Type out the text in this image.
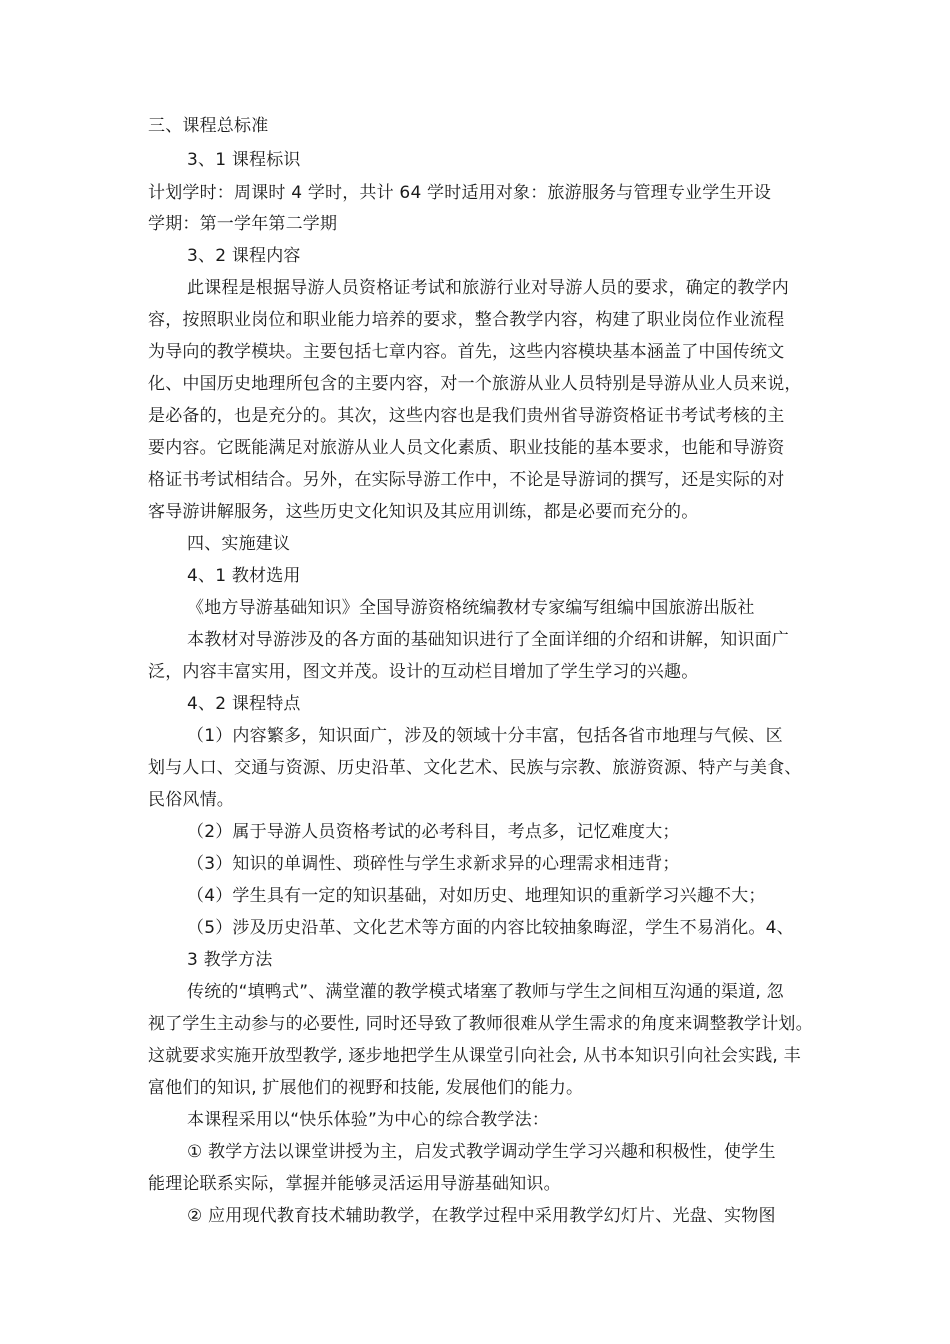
三、课程总标准
3、1 课程标识
计划学时：周课时 4 学时，共计 64 学时适用对象：旅游服务与管理专业学生开设
学期：第一学年第二学期
3、2 课程内容
此课程是根据导游人员资格证考试和旅游行业对导游人员的要求，确定的教学内
容，按照职业岗位和职业能力培养的要求，整合教学内容，构建了职业岗位作业流程
为导向的教学模块。主要包括七章内容。首先，这些内容模块基本涵盖了中国传统文
化、中国历史地理所包含的主要内容，对一个旅游从业人员特别是导游从业人员来说，
是必备的，也是充分的。其次，这些内容也是我们贵州省导游资格证书考试考核的主
要内容。它既能满足对旅游从业人员文化素质、职业技能的基本要求，也能和导游资
格证书考试相结合。另外，在实际导游工作中，不论是导游词的撰写，还是实际的对
客导游讲解服务，这些历史文化知识及其应用训练，都是必要而充分的。
四、实施建议
4、1 教材选用
《地方导游基础知识》全国导游资格统编教材专家编写组编中国旅游出版社
本教材对导游涉及的各方面的基础知识进行了全面详细的介绍和讲解，知识面广
泛，内容丰富实用，图文并茂。设计的互动栏目增加了学生学习的兴趣。
4、2 课程特点
（1）内容繁多，知识面广，涉及的领域十分丰富，包括各省市地理与气候、区
划与人口、交通与资源、历史沿革、文化艺术、民族与宗教、旅游资源、特产与美食、
民俗风情。
（2）属于导游人员资格考试的必考科目，考点多，记忆难度大；
（3）知识的单调性、琐碎性与学生求新求异的心理需求相违背；
（4）学生具有一定的知识基础，对如历史、地理知识的重新学习兴趣不大；
（5）涉及历史沿革、文化艺术等方面的内容比较抽象晦涩，学生不易消化。4、
3 教学方法
传统的“填鸭式”、满堂灌的教学模式堵塞了教师与学生之间相互沟通的渠道, 忽
视了学生主动参与的必要性, 同时还导致了教师很难从学生需求的角度来调整教学计划。
这就要求实施开放型教学, 逐步地把学生从课堂引向社会, 从书本知识引向社会实践, 丰
富他们的知识, 扩展他们的视野和技能, 发展他们的能力。
本课程采用以“快乐体验”为中心的综合教学法：
① 教学方法以课堂讲授为主，启发式教学调动学生学习兴趣和积极性，使学生
能理论联系实际，掌握并能够灵活运用导游基础知识。
② 应用现代教育技术辅助教学，在教学过程中采用教学幻灯片、光盘、实物图
